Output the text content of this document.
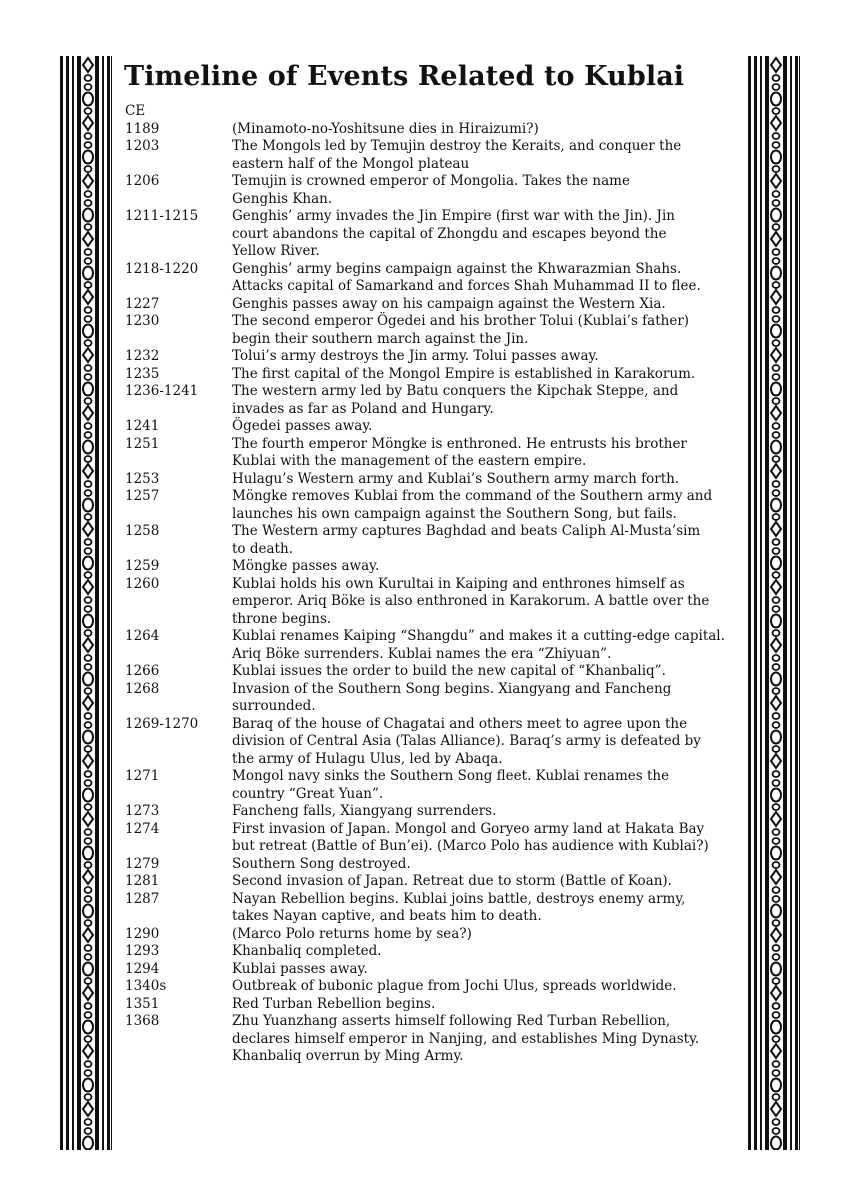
Timeline of Events Related to Kublai
CE
1189	(Minamoto-no-Yoshitsune dies in Hiraizumi?)
1203	The Mongols led by Temujin destroy the Keraits, and conquer the
eastern half of the Mongol plateau
1206	Temujin is crowned emperor of Mongolia. Takes the name
Genghis Khan.
1211-1215	Genghis’ army invades the Jin Empire (first war with the Jin). Jin
court abandons the capital of Zhongdu and escapes beyond the
Yellow River.
1218-1220	Genghis’ army begins campaign against the Khwarazmian Shahs.
Attacks capital of Samarkand and forces Shah Muhammad II to flee.
1227	Genghis passes away on his campaign against the Western Xia.
1230	The second emperor Ögedei and his brother Tolui (Kublai’s father)
begin their southern march against the Jin.
1232	Tolui’s army destroys the Jin army. Tolui passes away.
1235	The first capital of the Mongol Empire is established in Karakorum.
1236-1241	The western army led by Batu conquers the Kipchak Steppe, and
invades as far as Poland and Hungary.
1241	Ögedei passes away.
1251	The fourth emperor Möngke is enthroned. He entrusts his brother
Kublai with the management of the eastern empire.
1253	Hulagu’s Western army and Kublai’s Southern army march forth.
1257	Möngke removes Kublai from the command of the Southern army and
launches his own campaign against the Southern Song, but fails.
1258	The Western army captures Baghdad and beats Caliph Al-Musta’sim
to death.
1259	Möngke passes away.
1260	Kublai holds his own Kurultai in Kaiping and enthrones himself as
emperor. Ariq Böke is also enthroned in Karakorum. A battle over the
throne begins.
1264	Kublai renames Kaiping “Shangdu” and makes it a cutting-edge capital.
Ariq Böke surrenders. Kublai names the era “Zhiyuan”.
1266	Kublai issues the order to build the new capital of “Khanbaliq”.
1268	Invasion of the Southern Song begins. Xiangyang and Fancheng
surrounded.
1269-1270	Baraq of the house of Chagatai and others meet to agree upon the
division of Central Asia (Talas Alliance). Baraq’s army is defeated by
the army of Hulagu Ulus, led by Abaqa.
1271	Mongol navy sinks the Southern Song fleet. Kublai renames the
country “Great Yuan”.
1273	Fancheng falls, Xiangyang surrenders.
1274	First invasion of Japan. Mongol and Goryeo army land at Hakata Bay
but retreat (Battle of Bun’ei). (Marco Polo has audience with Kublai?)
1279	Southern Song destroyed.
1281	Second invasion of Japan. Retreat due to storm (Battle of Koan).
1287	Nayan Rebellion begins. Kublai joins battle, destroys enemy army,
takes Nayan captive, and beats him to death.
1290	(Marco Polo returns home by sea?)
1293	Khanbaliq completed.
1294	Kublai passes away.
1340s	Outbreak of bubonic plague from Jochi Ulus, spreads worldwide.
1351	Red Turban Rebellion begins.
1368	Zhu Yuanzhang asserts himself following Red Turban Rebellion,
declares himself emperor in Nanjing, and establishes Ming Dynasty.
Khanbaliq overrun by Ming Army.
